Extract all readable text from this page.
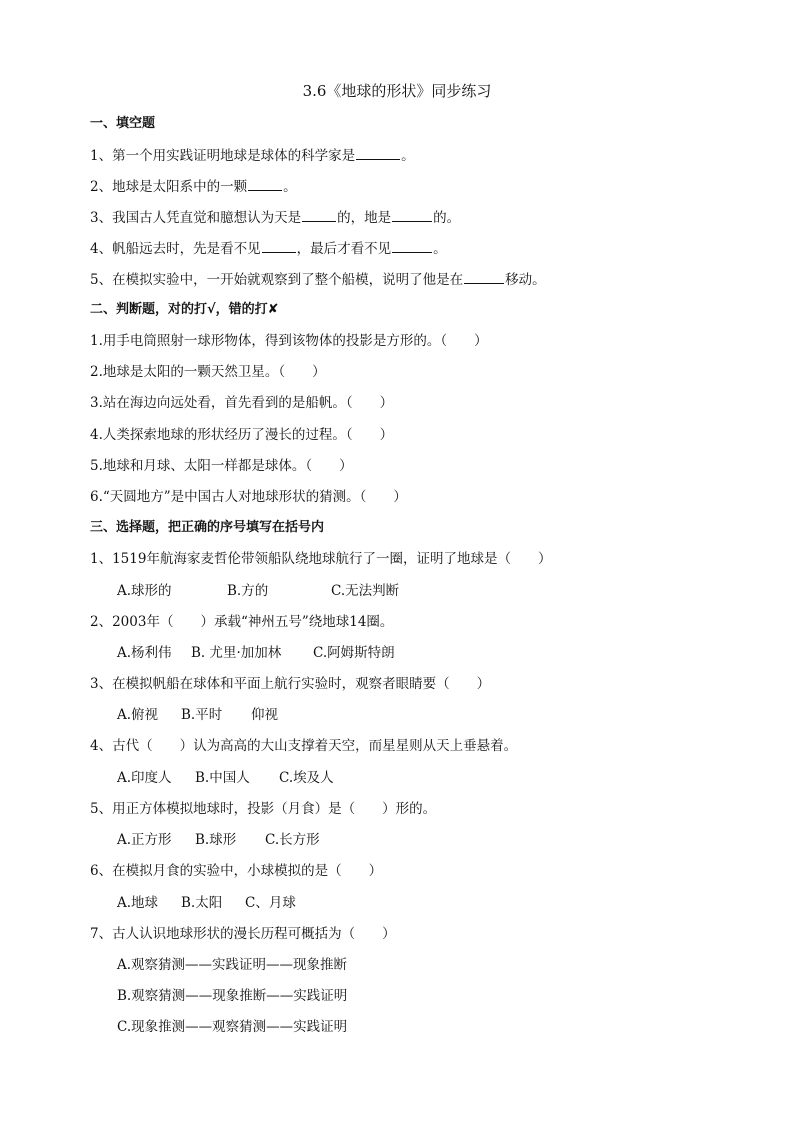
3.6《地球的形状》同步练习
一、填空题
1、第一个用实践证明地球是球体的科学家是	。
2、地球是太阳系中的一颗	。
3、我国古人凭直觉和臆想认为天是	的，地是	的。
4、帆船远去时，先是看不见	，最后才看不见	。
5、在模拟实验中，一开始就观察到了整个船模，说明了他是在	移动。
二、判断题，对的打√，错的打✘
1.用手电筒照射一球形物体，得到该物体的投影是方形的。（　　）
2.地球是太阳的一颗天然卫星。（　　）
3.站在海边向远处看，首先看到的是船帆。（　　）
4.人类探索地球的形状经历了漫长的过程。（　　）
5.地球和月球、太阳一样都是球体。（　　）
6.“天圆地方”是中国古人对地球形状的猜测。（　　）
三、选择题，把正确的序号填写在括号内
1、1519年航海家麦哲伦带领船队绕地球航行了一圈，证明了地球是（　　）
A.球形的	B.方的	C.无法判断
2、2003年（　　）承载“神州五号”绕地球14圈。
A.杨利伟 B. 尤里·加加林 C.阿姆斯特朗
3、在模拟帆船在球体和平面上航行实验时，观察者眼睛要（　　）
A.俯视 B.平时 仰视
4、古代（　　）认为高高的大山支撑着天空，而星星则从天上垂悬着。
A.印度人 B.中国人 C.埃及人
5、用正方体模拟地球时，投影（月食）是（　　）形的。
A.正方形 B.球形 C.长方形
6、在模拟月食的实验中，小球模拟的是（　　）
A.地球 B.太阳 C、月球
7、古人认识地球形状的漫长历程可概括为（　　）
A.观察猜测——实践证明——现象推断
B.观察猜测——现象推断——实践证明
C.现象推测——观察猜测——实践证明
